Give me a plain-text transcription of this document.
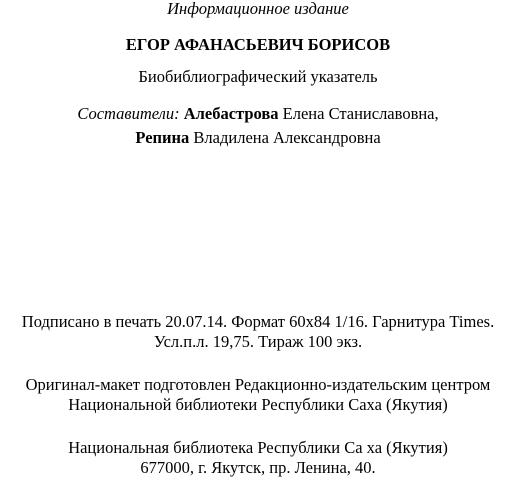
Информационное издание
ЕГОР АФАНАСЬЕВИЧ БОРИСОВ
Биобиблиографический указатель
Составители: Алебастрова Елена Станиславовна,
Репина Владилена Александровна
Подписано в печать 20.07.14. Формат 60х84 1/16. Гарнитура Times.
Усл.п.л. 19,75. Тираж 100 экз.
Оригинал-макет подготовлен Редакционно-издательским центром
Национальной библиотеки Республики Саха (Якутия)
Национальная библиотека Республики Са ха (Якутия)
677000, г. Якутск, пр. Ленина, 40.
